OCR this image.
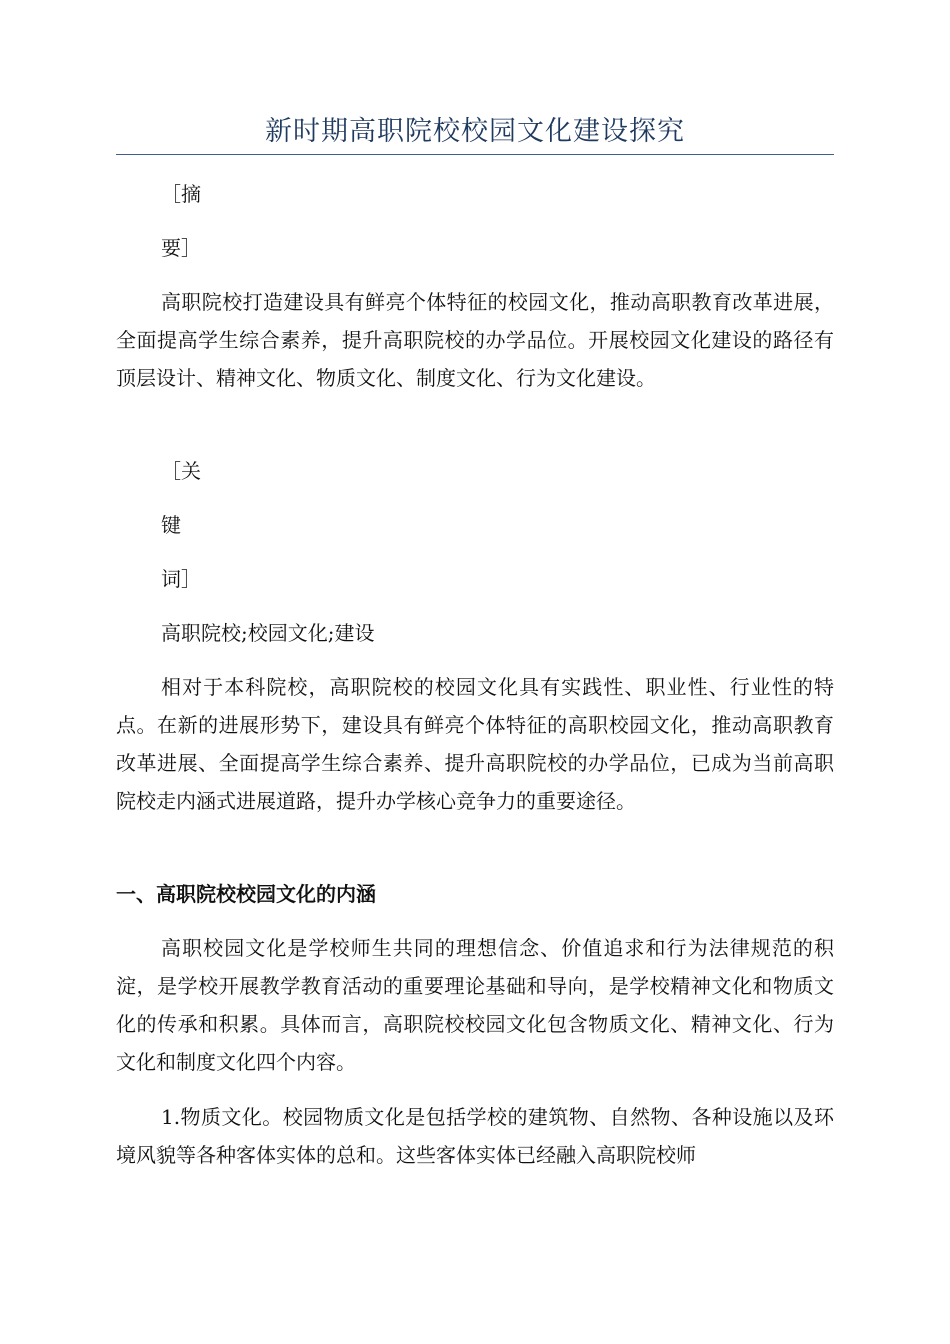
新时期高职院校校园文化建设探究

［摘

要］

高职院校打造建设具有鲜亮个体特征的校园文化，推动高职教育改革进展，全面提高学生综合素养，提升高职院校的办学品位。开展校园文化建设的路径有顶层设计、精神文化、物质文化、制度文化、行为文化建设。

［关

键

词］

高职院校;校园文化;建设

相对于本科院校，高职院校的校园文化具有实践性、职业性、行业性的特点。在新的进展形势下，建设具有鲜亮个体特征的高职校园文化，推动高职教育改革进展、全面提高学生综合素养、提升高职院校的办学品位，已成为当前高职院校走内涵式进展道路，提升办学核心竞争力的重要途径。

一、高职院校校园文化的内涵

高职校园文化是学校师生共同的理想信念、价值追求和行为法律规范的积淀，是学校开展教学教育活动的重要理论基础和导向，是学校精神文化和物质文化的传承和积累。具体而言，高职院校校园文化包含物质文化、精神文化、行为文化和制度文化四个内容。

1.物质文化。校园物质文化是包括学校的建筑物、自然物、各种设施以及环境风貌等各种客体实体的总和。这些客体实体已经融入高职院校师
